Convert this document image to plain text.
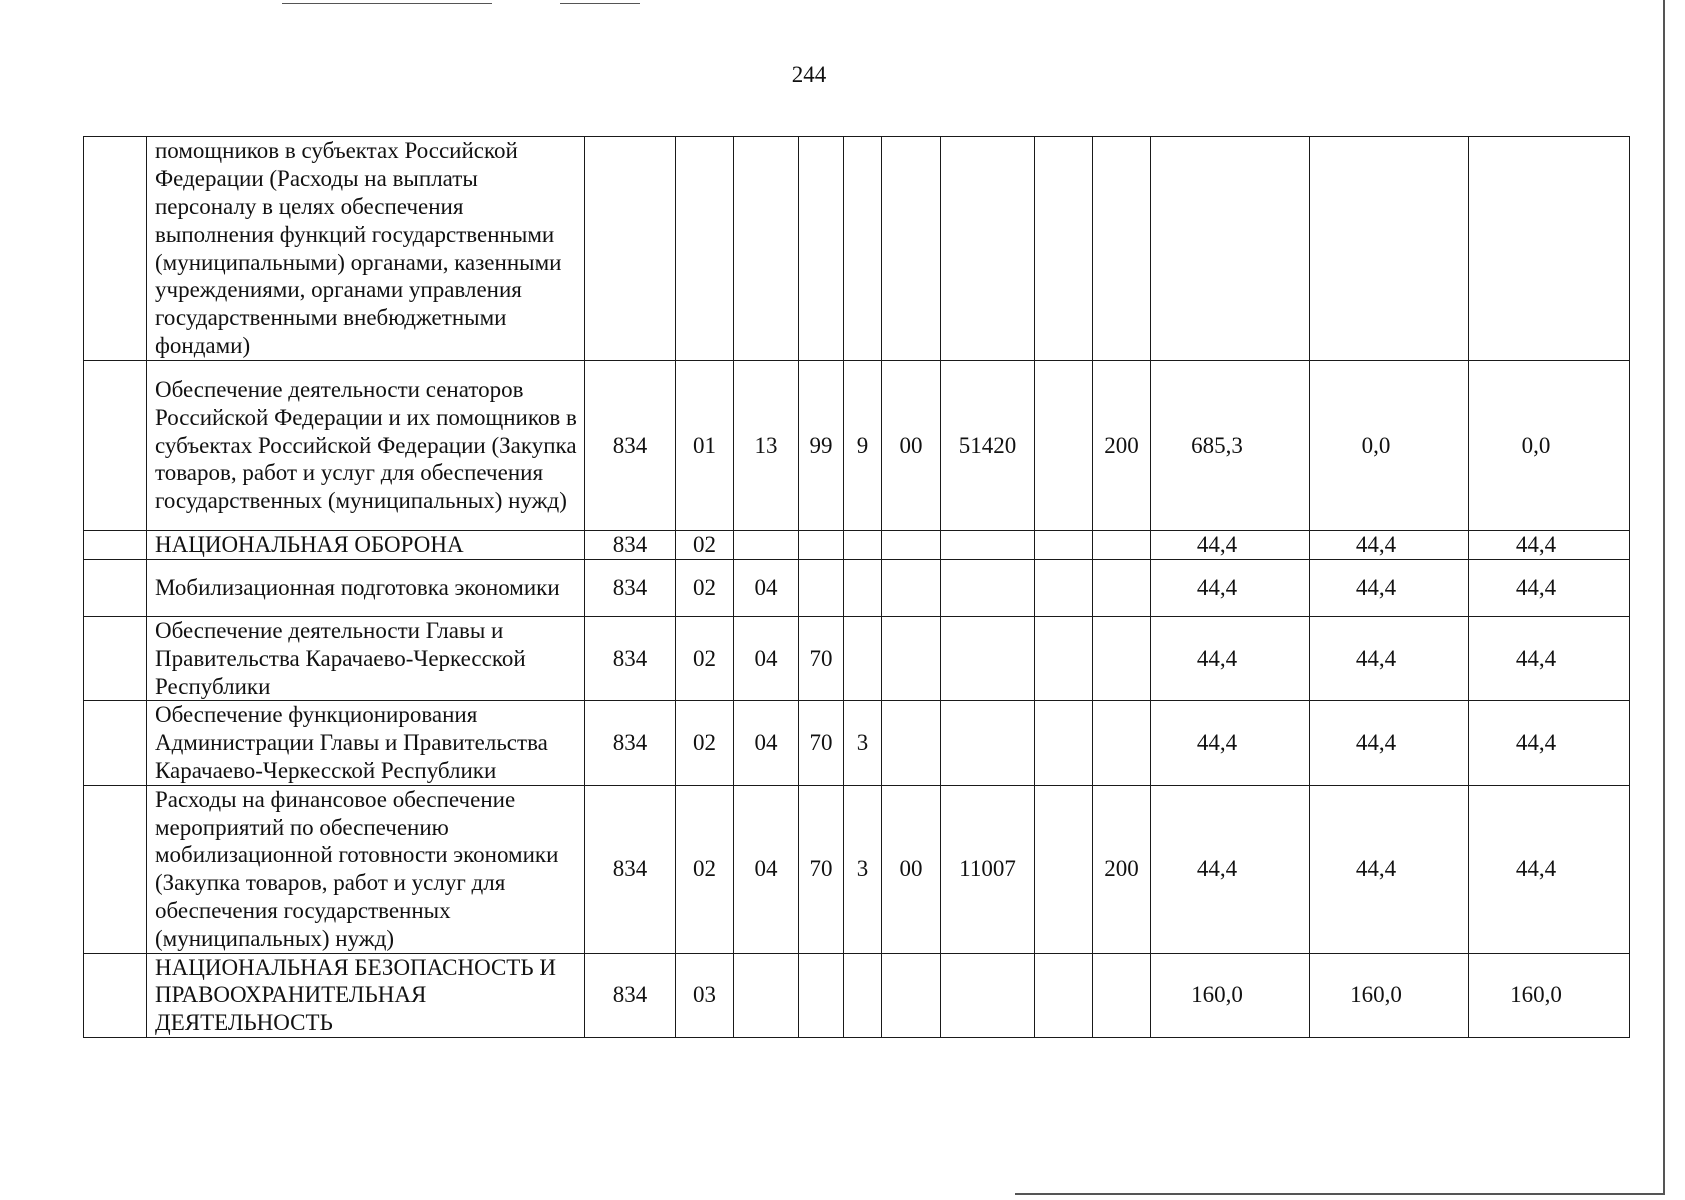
244
	помощников в субъектах Российской Федерации (Расходы на выплаты персоналу в целях обеспечения выполнения функций государственными (муниципальными) органами, казенными учреждениями, органами управления государственными внебюджетными фондами)												
	Обеспечение деятельности сенаторов Российской Федерации и их помощников в субъектах Российской Федерации (Закупка товаров, работ и услуг для обеспечения государственных (муниципальных) нужд)	834	01	13	99	9	00	51420		200	685,3	0,0	0,0
	НАЦИОНАЛЬНАЯ ОБОРОНА	834	02								44,4	44,4	44,4
	Мобилизационная подготовка экономики	834	02	04							44,4	44,4	44,4
	Обеспечение деятельности Главы и Правительства Карачаево-Черкесской Республики	834	02	04	70						44,4	44,4	44,4
	Обеспечение функционирования Администрации Главы и Правительства Карачаево-Черкесской Республики	834	02	04	70	3					44,4	44,4	44,4
	Расходы на финансовое обеспечение мероприятий по обеспечению мобилизационной готовности экономики (Закупка товаров, работ и услуг для обеспечения государственных (муниципальных) нужд)	834	02	04	70	3	00	11007		200	44,4	44,4	44,4
	НАЦИОНАЛЬНАЯ БЕЗОПАСНОСТЬ И ПРАВООХРАНИТЕЛЬНАЯ ДЕЯТЕЛЬНОСТЬ	834	03								160,0	160,0	160,0
